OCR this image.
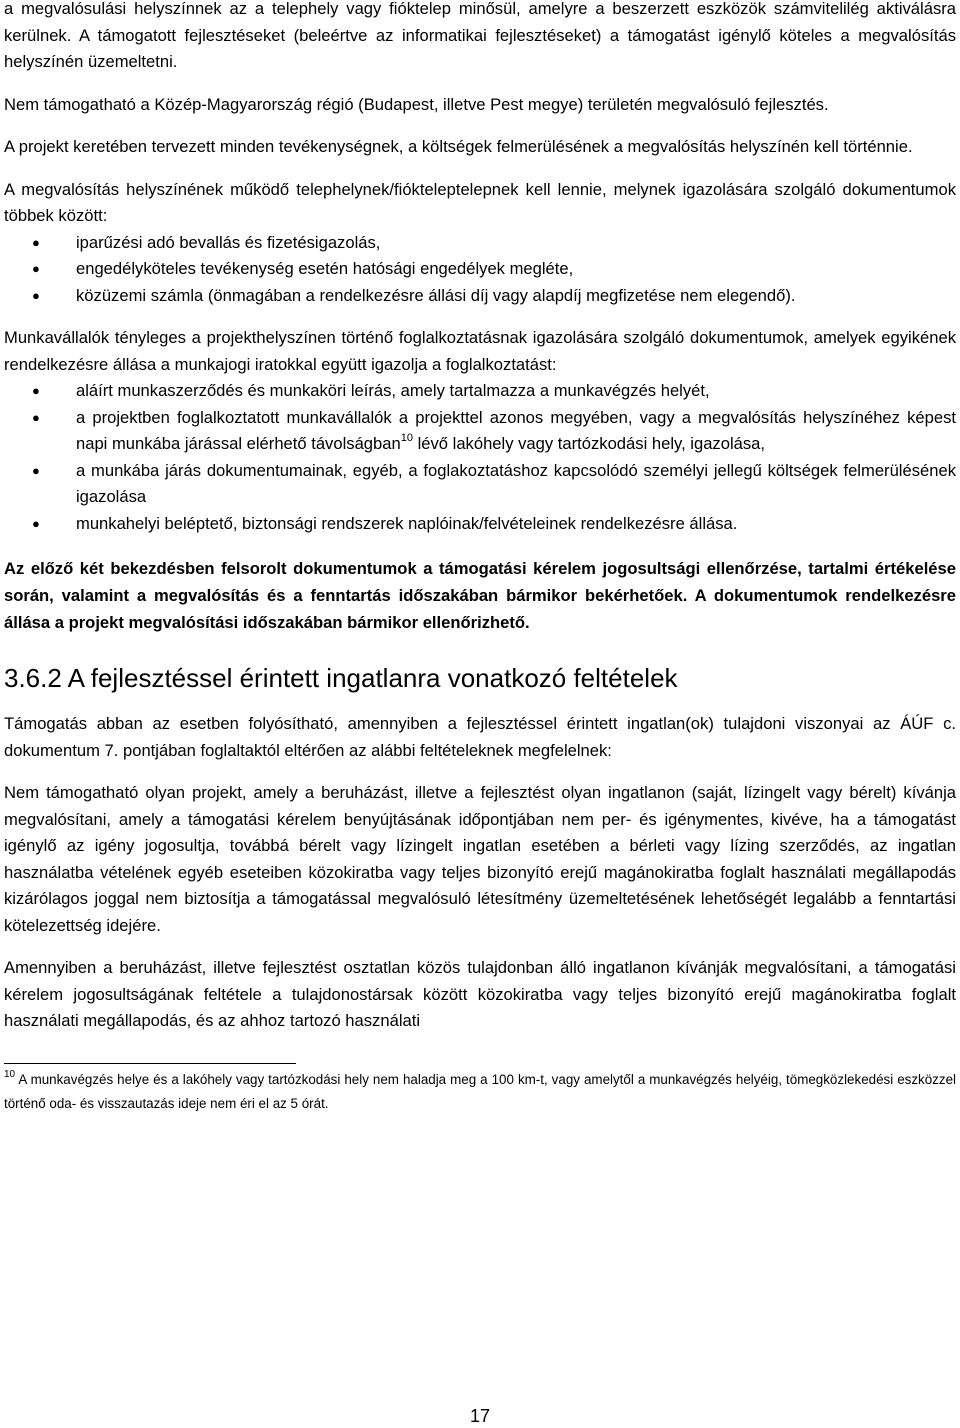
a megvalósulási helyszínnek az a telephely vagy fióktelep minősül, amelyre a beszerzett eszközök számvitelilég aktiválásra kerülnek. A támogatott fejlesztéseket (beleértve az informatikai fejlesztéseket) a támogatást igénylő köteles a megvalósítás helyszínén üzemeltetni.

Nem támogatható a Közép-Magyarország régió (Budapest, illetve Pest megye) területén megvalósuló fejlesztés.

A projekt keretében tervezett minden tevékenységnek, a költségek felmerülésének a megvalósítás helyszínén kell történnie.

A megvalósítás helyszínének működő telephelynek/fiókteleptelepnek kell lennie, melynek igazolására szolgáló dokumentumok többek között:

● iparűzési adó bevallás és fizetésigazolás,
● engedélyköteles tevékenység esetén hatósági engedélyek megléte,
● közüzemi számla (önmagában a rendelkezésre állási díj vagy alapdíj megfizetése nem elegendő).

Munkavállalók tényleges a projekthelyszínen történő foglalkoztatásnak igazolására szolgáló dokumentumok, amelyek egyikének rendelkezésre állása a munkajogi iratokkal együtt igazolja a foglalkoztatást:

● aláírt munkaszerződés és munkaköri leírás, amely tartalmazza a munkavégzés helyét,
● a projektben foglalkoztatott munkavállalók a projekttel azonos megyében, vagy a megvalósítás helyszínéhez képest napi munkába járással elérhető távolságban$^{10}$ lévő lakóhely vagy tartózkodási hely, igazolása,
● a munkába járás dokumentumainak, egyéb, a foglakoztatáshoz kapcsolódó személyi jellegű költségek felmerülésének igazolása
● munkahelyi beléptető, biztonsági rendszerek naplóinak/felvételeinek rendelkezésre állása.

Az előző két bekezdésben felsorolt dokumentumok a támogatási kérelem jogosultsági ellenőrzése, tartalmi értékelése során, valamint a megvalósítás és a fenntartás időszakában bármikor bekérhetőek. A dokumentumok rendelkezésre állása a projekt megvalósítási időszakában bármikor ellenőrizhető.

3.6.2 A fejlesztéssel érintett ingatlanra vonatkozó feltételek

Támogatás abban az esetben folyósítható, amennyiben a fejlesztéssel érintett ingatlan(ok) tulajdoni viszonyai az ÁÚF c. dokumentum 7. pontjában foglaltaktól eltérően az alábbi feltételeknek megfelelnek:

Nem támogatható olyan projekt, amely a beruházást, illetve a fejlesztést olyan ingatlanon (saját, lízingelt vagy bérelt) kívánja megvalósítani, amely a támogatási kérelem benyújtásának időpontjában nem per- és igénymentes, kivéve, ha a támogatást igénylő az igény jogosultja, továbbá bérelt vagy lízingelt ingatlan esetében a bérleti vagy lízing szerződés, az ingatlan használatba vételének egyéb eseteiben közokiratba vagy teljes bizonyító erejű magánokiratba foglalt használati megállapodás kizárólagos joggal nem biztosítja a támogatással megvalósuló létesítmény üzemeltetésének lehetőségét legalább a fenntartási kötelezettség idejére.

Amennyiben a beruházást, illetve fejlesztést osztatlan közös tulajdonban álló ingatlanon kívánják megvalósítani, a támogatási kérelem jogosultságának feltétele a tulajdonostársak között közokiratba vagy teljes bizonyító erejű magánokiratba foglalt használati megállapodás, és az ahhoz tartozó használati

$^{10}$ A munkavégzés helye és a lakóhely vagy tartózkodási hely nem haladja meg a 100 km-t, vagy amelytől a munkavégzés helyéig, tömegközlekedési eszközzel történő oda- és visszautazás ideje nem éri el az 5 órát.
17
